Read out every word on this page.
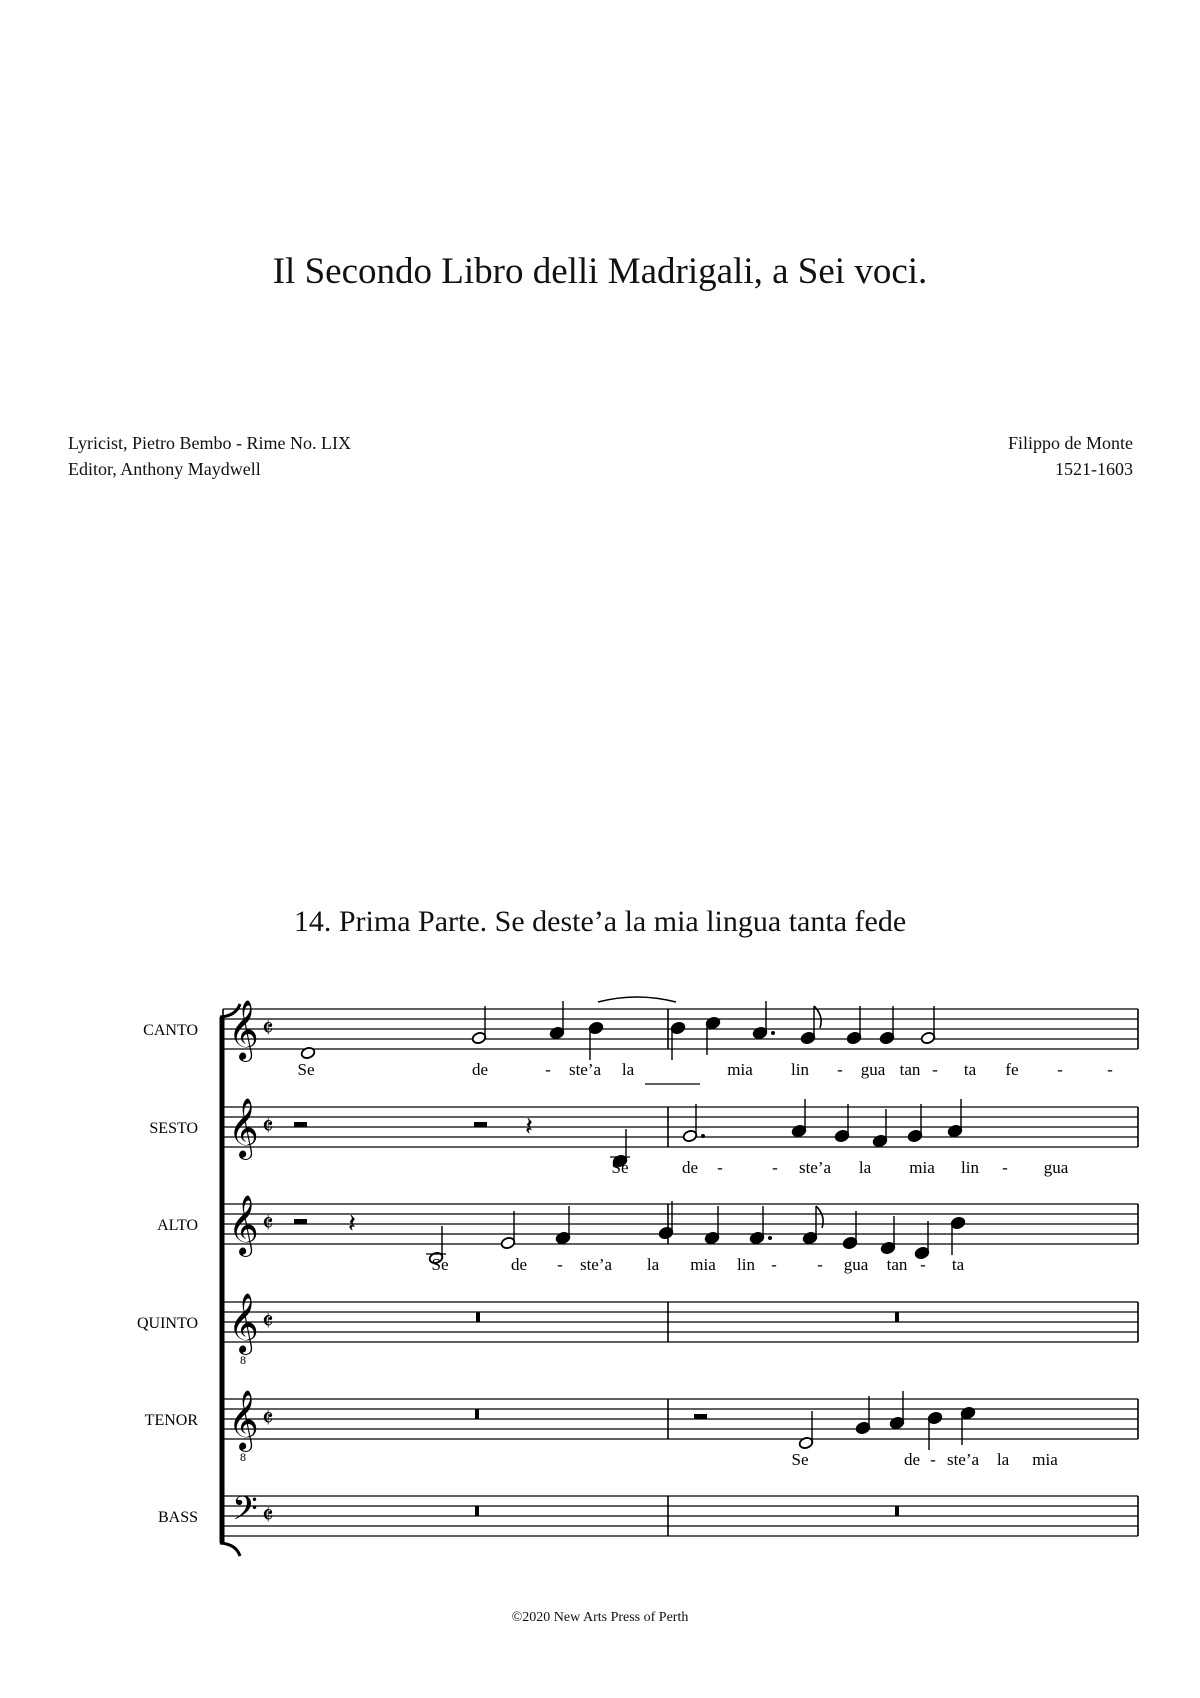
Il Secondo Libro delli Madrigali, a Sei voci.
Lyricist, Pietro Bembo - Rime No. LIX
Editor, Anthony Maydwell
Filippo de Monte
1521-1603
14. Prima Parte. Se deste’a la mia lingua tanta fede
CANTO 𝄞 𝄵
Se	de	- ste’a la	mia lin - gua tan - ta fe -	-
SESTO 𝄞 𝄵	𝄽
Se	de -	- ste’a la mia lin - gua
ALTO 𝄞 𝄵	𝄽
Se	de - ste’a la mia lin - - gua tan - ta
QUINTO 𝄞
8
𝄵
TENOR 𝄞
8
𝄵
Se	de - ste’a la mia
BASS 𝄢 𝄵
©2020 New Arts Press of Perth
